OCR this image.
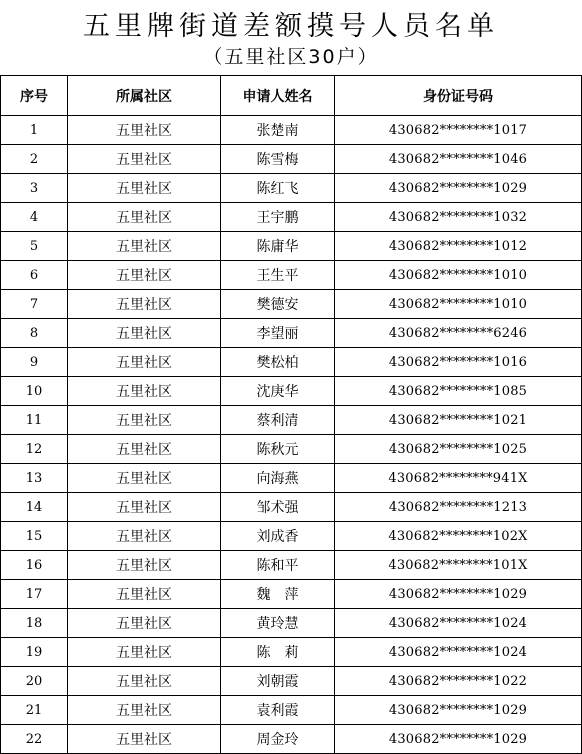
五里牌街道差额摸号人员名单
（五里社区30户）
序号	所属社区	申请人姓名	身份证号码
1	五里社区	张楚南	430682********1017
2	五里社区	陈雪梅	430682********1046
3	五里社区	陈红飞	430682********1029
4	五里社区	王宇鹏	430682********1032
5	五里社区	陈庸华	430682********1012
6	五里社区	王生平	430682********1010
7	五里社区	樊德安	430682********1010
8	五里社区	李望丽	430682********6246
9	五里社区	樊松柏	430682********1016
10	五里社区	沈庚华	430682********1085
11	五里社区	蔡利清	430682********1021
12	五里社区	陈秋元	430682********1025
13	五里社区	向海燕	430682********941X
14	五里社区	邹术强	430682********1213
15	五里社区	刘成香	430682********102X
16	五里社区	陈和平	430682********101X
17	五里社区	魏　萍	430682********1029
18	五里社区	黄玲慧	430682********1024
19	五里社区	陈　莉	430682********1024
20	五里社区	刘朝霞	430682********1022
21	五里社区	袁利霞	430682********1029
22	五里社区	周金玲	430682********1029
